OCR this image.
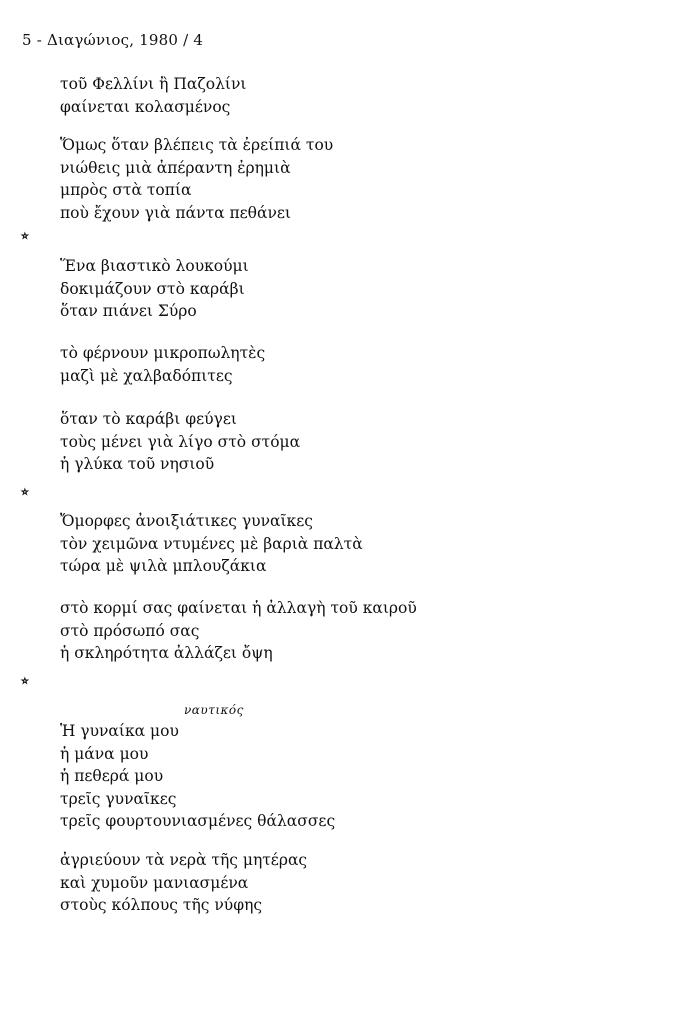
5 - Διαγώνιος, 1980 / 4
τοῦ Φελλίνι ἢ Παζολίνι
φαίνεται κολασμένος
Ὅμως ὅταν βλέπεις τὰ ἐρείπιά του
νιώθεις μιὰ ἀπέραντη ἐρημιὰ
μπρὸς στὰ τοπία
ποὺ ἔχουν γιὰ πάντα πεθάνει
⭒
Ἕνα βιαστικὸ λουκούμι
δοκιμάζουν στὸ καράβι
ὅταν πιάνει Σύρο
τὸ φέρνουν μικροπωλητὲς
μαζὶ μὲ χαλβαδόπιτες
ὅταν τὸ καράβι φεύγει
τοὺς μένει γιὰ λίγο στὸ στόμα
ἡ γλύκα τοῦ νησιοῦ
⭒
Ὄμορφες ἀνοιξιάτικες γυναῖκες
τὸν χειμῶνα ντυμένες μὲ βαριὰ παλτὰ
τώρα μὲ ψιλὰ μπλουζάκια
στὸ κορμί σας φαίνεται ἡ ἀλλαγὴ τοῦ καιροῦ
στὸ πρόσωπό σας
ἡ σκληρότητα ἀλλάζει ὄψη
⭒
ναυτικός
Ἡ γυναίκα μου
ἡ μάνα μου
ἡ πεθερά μου
τρεῖς γυναῖκες
τρεῖς φουρτουνιασμένες θάλασσες
ἀγριεύουν τὰ νερὰ τῆς μητέρας
καὶ χυμοῦν μανιασμένα
στοὺς κόλπους τῆς νύφης
